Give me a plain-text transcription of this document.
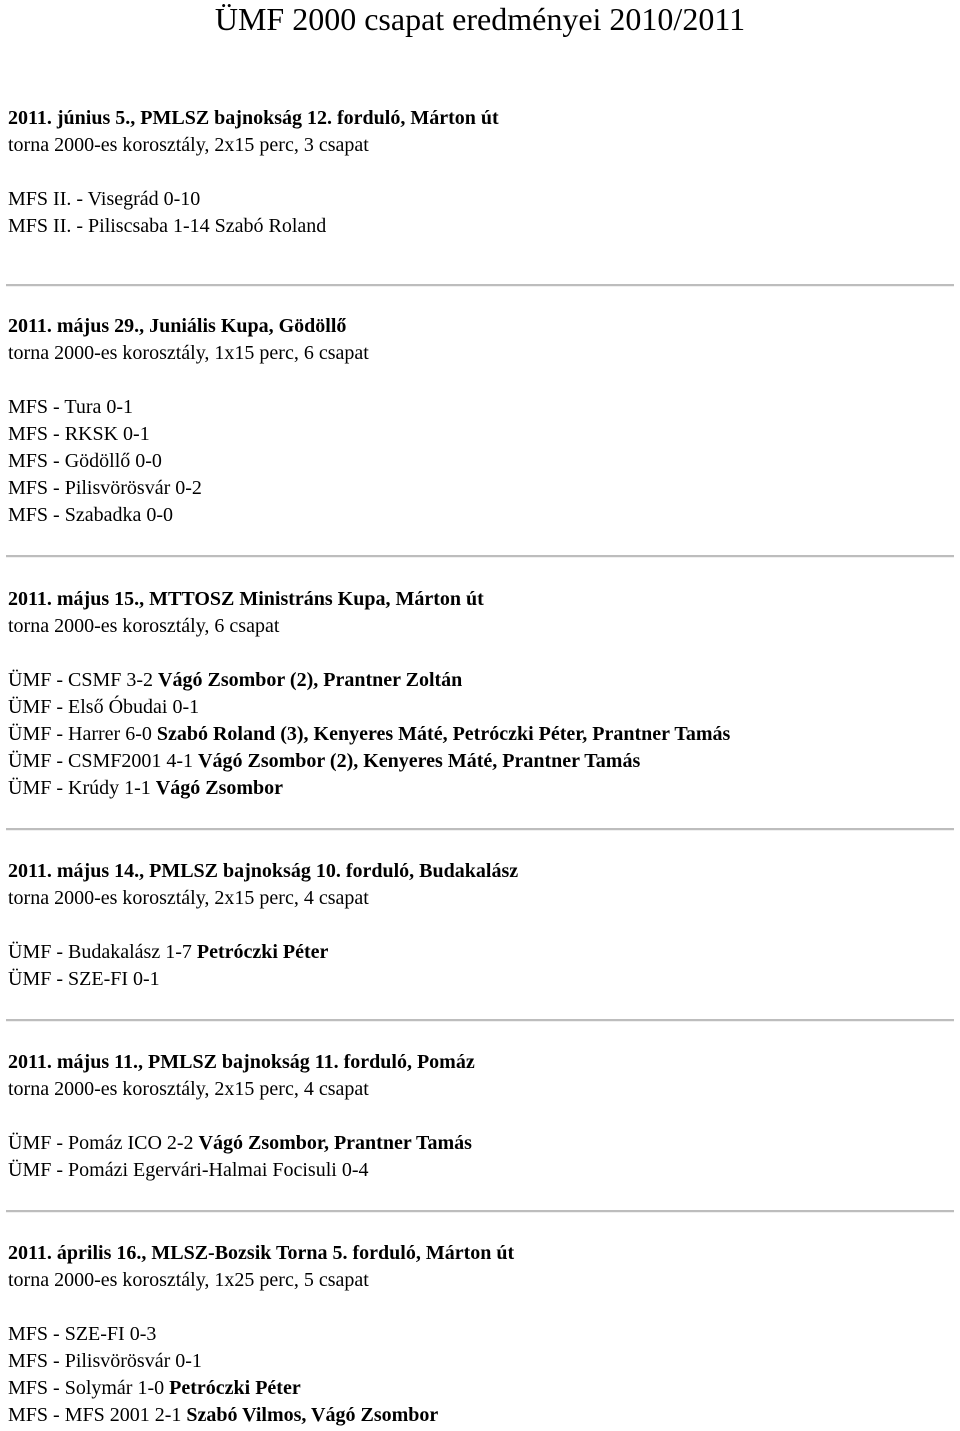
ÜMF 2000 csapat eredményei 2010/2011
2011. június 5., PMLSZ bajnokság 12. forduló, Márton út
torna 2000-es korosztály, 2x15 perc, 3 csapat
MFS II. - Visegrád 0-10
MFS II. - Piliscsaba 1-14 Szabó Roland
2011. május 29., Juniális Kupa, Gödöllő
torna 2000-es korosztály, 1x15 perc, 6 csapat
MFS - Tura 0-1
MFS - RKSK 0-1
MFS - Gödöllő 0-0
MFS - Pilisvörösvár 0-2
MFS - Szabadka 0-0
2011. május 15., MTTOSZ Ministráns Kupa, Márton út
torna 2000-es korosztály, 6 csapat
ÜMF - CSMF 3-2 Vágó Zsombor (2), Prantner Zoltán
ÜMF - Első Óbudai 0-1
ÜMF - Harrer 6-0 Szabó Roland (3), Kenyeres Máté, Petróczki Péter, Prantner Tamás
ÜMF - CSMF2001 4-1 Vágó Zsombor (2), Kenyeres Máté, Prantner Tamás
ÜMF - Krúdy 1-1 Vágó Zsombor
2011. május 14., PMLSZ bajnokság 10. forduló, Budakalász
torna 2000-es korosztály, 2x15 perc, 4 csapat
ÜMF - Budakalász 1-7 Petróczki Péter
ÜMF - SZE-FI 0-1
2011. május 11., PMLSZ bajnokság 11. forduló, Pomáz
torna 2000-es korosztály, 2x15 perc, 4 csapat
ÜMF - Pomáz ICO 2-2 Vágó Zsombor, Prantner Tamás
ÜMF - Pomázi Egervári-Halmai Focisuli 0-4
2011. április 16., MLSZ-Bozsik Torna 5. forduló, Márton út
torna 2000-es korosztály, 1x25 perc, 5 csapat
MFS - SZE-FI 0-3
MFS - Pilisvörösvár 0-1
MFS - Solymár 1-0 Petróczki Péter
MFS - MFS 2001 2-1 Szabó Vilmos, Vágó Zsombor
